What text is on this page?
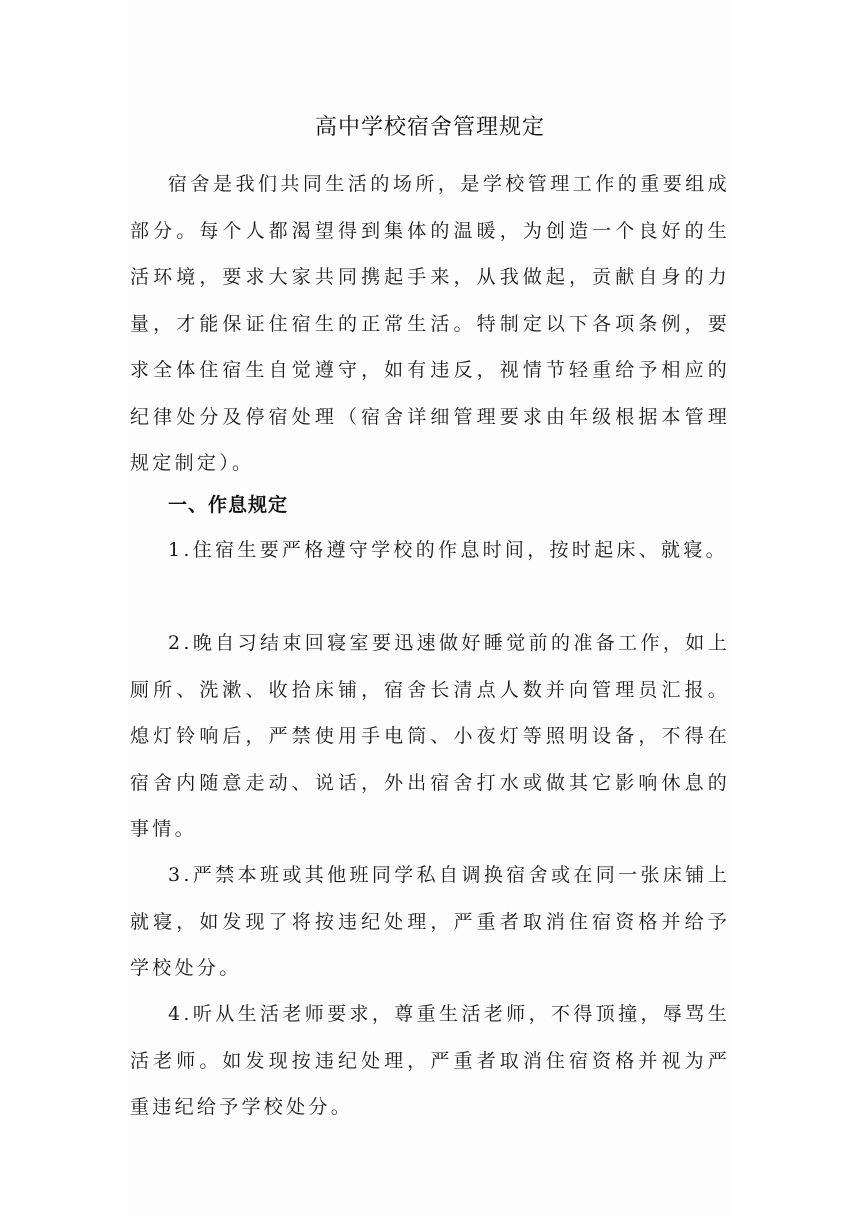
高中学校宿舍管理规定

宿舍是我们共同生活的场所，是学校管理工作的重要组成部分。每个人都渴望得到集体的温暖，为创造一个良好的生活环境，要求大家共同携起手来，从我做起，贡献自身的力量，才能保证住宿生的正常生活。特制定以下各项条例，要求全体住宿生自觉遵守，如有违反，视情节轻重给予相应的纪律处分及停宿处理（宿舍详细管理要求由年级根据本管理规定制定）。

一、作息规定

1.住宿生要严格遵守学校的作息时间，按时起床、就寝。

2.晚自习结束回寝室要迅速做好睡觉前的准备工作，如上厕所、洗漱、收拾床铺，宿舍长清点人数并向管理员汇报。熄灯铃响后，严禁使用手电筒、小夜灯等照明设备，不得在宿舍内随意走动、说话，外出宿舍打水或做其它影响休息的事情。

3.严禁本班或其他班同学私自调换宿舍或在同一张床铺上就寝，如发现了将按违纪处理，严重者取消住宿资格并给予学校处分。

4.听从生活老师要求，尊重生活老师，不得顶撞，辱骂生活老师。如发现按违纪处理，严重者取消住宿资格并视为严重违纪给予学校处分。
